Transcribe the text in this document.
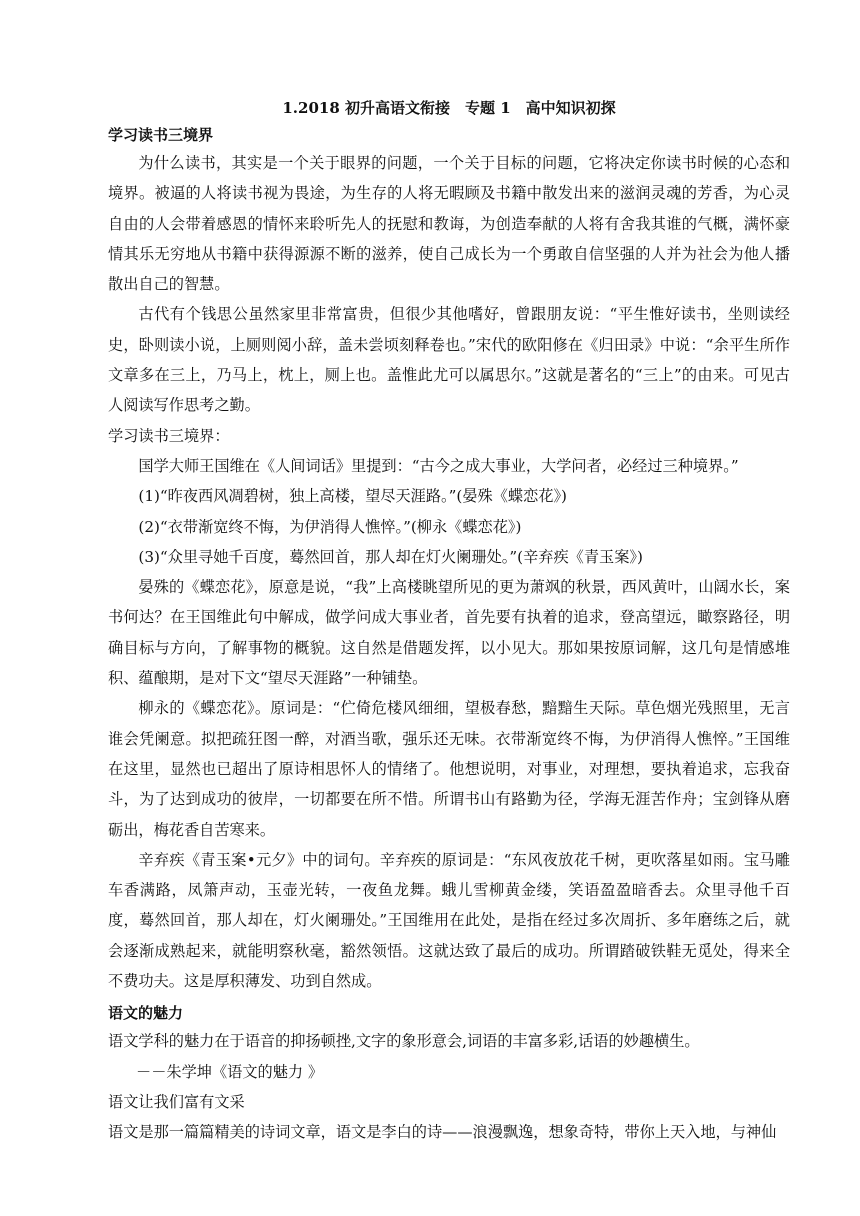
1.2018 初升高语文衔接　专题 1　高中知识初探

学习读书三境界

为什么读书，其实是一个关于眼界的问题，一个关于目标的问题，它将决定你读书时候的心态和境界。被逼的人将读书视为畏途，为生存的人将无暇顾及书籍中散发出来的滋润灵魂的芳香，为心灵自由的人会带着感恩的情怀来聆听先人的抚慰和教诲，为创造奉献的人将有舍我其谁的气概，满怀豪情其乐无穷地从书籍中获得源源不断的滋养，使自己成长为一个勇敢自信坚强的人并为社会为他人播散出自己的智慧。

古代有个钱思公虽然家里非常富贵，但很少其他嗜好，曾跟朋友说：“平生惟好读书，坐则读经史，卧则读小说，上厕则阅小辞，盖未尝顷刻释卷也。”宋代的欧阳修在《归田录》中说：“余平生所作文章多在三上，乃马上，枕上，厕上也。盖惟此尤可以属思尔。”这就是著名的“三上”的由来。可见古人阅读写作思考之勤。

学习读书三境界：

国学大师王国维在《人间词话》里提到：“古今之成大事业，大学问者，必经过三种境界。”

(1)“昨夜西风凋碧树，独上高楼，望尽天涯路。”(晏殊《蝶恋花》)

(2)“衣带渐宽终不悔，为伊消得人憔悴。”(柳永《蝶恋花》)

(3)“众里寻她千百度，蓦然回首，那人却在灯火阑珊处。”(辛弃疾《青玉案》)

晏殊的《蝶恋花》，原意是说，“我”上高楼眺望所见的更为萧飒的秋景，西风黄叶，山阔水长，案书何达？在王国维此句中解成，做学问成大事业者，首先要有执着的追求，登高望远，瞰察路径，明确目标与方向，了解事物的概貌。这自然是借题发挥，以小见大。那如果按原词解，这几句是情感堆积、蕴酿期，是对下文“望尽天涯路”一种铺垫。

柳永的《蝶恋花》。原词是：“伫倚危楼风细细，望极春愁，黯黯生天际。草色烟光残照里，无言谁会凭阑意。拟把疏狂图一醉，对酒当歌，强乐还无味。衣带渐宽终不悔，为伊消得人憔悴。”王国维在这里，显然也已超出了原诗相思怀人的情绪了。他想说明，对事业，对理想，要执着追求，忘我奋斗，为了达到成功的彼岸，一切都要在所不惜。所谓书山有路勤为径，学海无涯苦作舟；宝剑锋从磨砺出，梅花香自苦寒来。

辛弃疾《青玉案•元夕》中的词句。辛弃疾的原词是：“东风夜放花千树，更吹落星如雨。宝马雕车香满路，凤箫声动，玉壶光转，一夜鱼龙舞。蛾儿雪柳黄金缕，笑语盈盈暗香去。众里寻他千百度，蓦然回首，那人却在，灯火阑珊处。”王国维用在此处，是指在经过多次周折、多年磨练之后，就会逐渐成熟起来，就能明察秋毫，豁然领悟。这就达致了最后的成功。所谓踏破铁鞋无觅处，得来全不费功夫。这是厚积薄发、功到自然成。

语文的魅力

语文学科的魅力在于语音的抑扬顿挫,文字的象形意会,词语的丰富多彩,话语的妙趣横生。

－－朱学坤《语文的魅力 》

语文让我们富有文采

语文是那一篇篇精美的诗词文章，语文是李白的诗——浪漫飘逸，想象奇特，带你上天入地，与神仙
